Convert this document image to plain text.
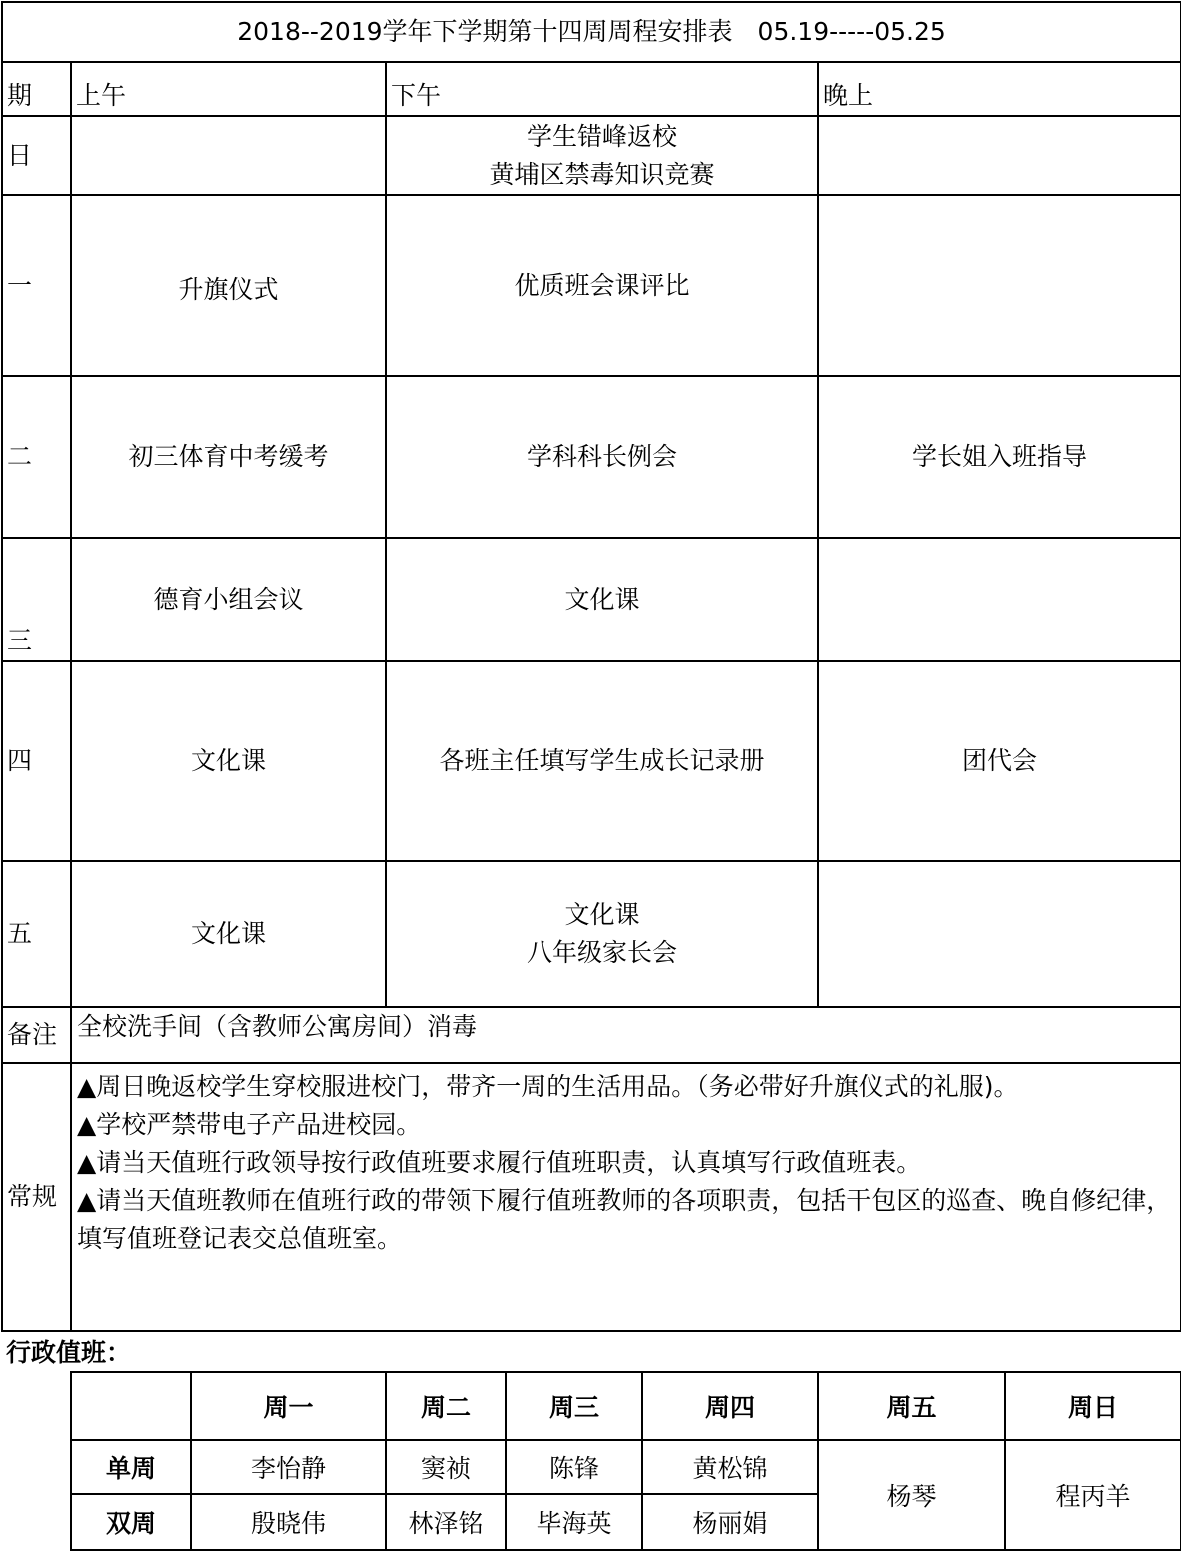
2018--2019学年下学期第十四周周程安排表　05.19-----05.25			
期	上午	下午	晚上
日		学生错峰返校
黄埔区禁毒知识竞赛	

一	升旗仪式	优质班会课评比	

二	初三体育中考缓考	学科科长例会	学长姐入班指导

三	德育小组会议	文化课	

四	文化课	各班主任填写学生成长记录册	团代会

五	文化课	文化课
八年级家长会	

备注	全校洗手间（含教师公寓房间）消毒		
常规	▲周日晚返校学生穿校服进校门，带齐一周的生活用品。（务必带好升旗仪式的礼服)。
▲学校严禁带电子产品进校园。
▲请当天值班行政领导按行政值班要求履行值班职责，认真填写行政值班表。
▲请当天值班教师在值班行政的带领下履行值班教师的各项职责，包括干包区的巡查、晚自修纪律，填写值班登记表交总值班室。		
行政值班：
	周一	周二	周三	周四	周五	周日
单周	李怡静	窦祯	陈锋	黄松锦	杨琴	程丙羊
双周	殷晓伟	林泽铭	毕海英	杨丽娟		
